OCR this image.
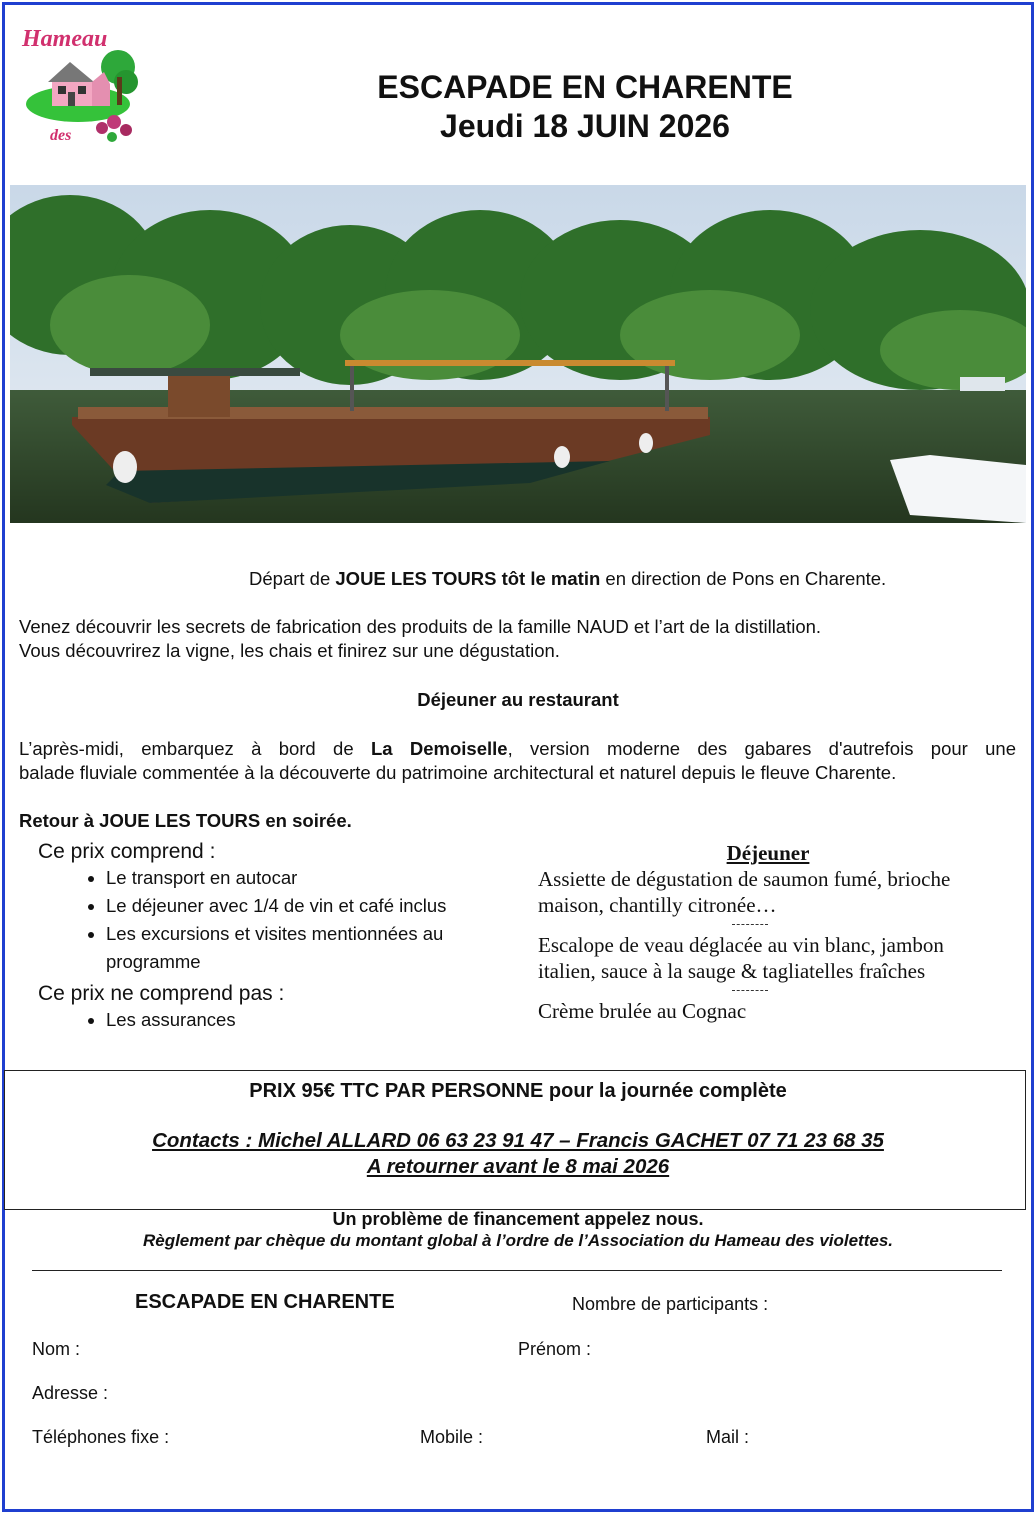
Hameau
des
ESCAPADE EN CHARENTE
Jeudi 18 JUIN 2026
Départ de JOUE LES TOURS tôt le matin en direction de Pons en Charente.
Venez découvrir les secrets de fabrication des produits de la famille NAUD et l’art de la distillation.
Vous découvrirez la vigne, les chais et finirez sur une dégustation.
Déjeuner au restaurant
L’après-midi, embarquez à bord de La Demoiselle, version moderne des gabares d'autrefois pour une
balade fluviale commentée à la découverte du patrimoine architectural et naturel depuis le fleuve Charente.
Retour à JOUE LES TOURS en soirée.
Ce prix comprend :
• Le transport en autocar
• Le déjeuner avec 1/4 de vin et café inclus
• Les excursions et visites mentionnées au
programme
Ce prix ne comprend pas :
• Les assurances
Déjeuner
Assiette de dégustation de saumon fumé, brioche
maison, chantilly citronée…
Escalope de veau déglacée au vin blanc, jambon
italien, sauce à la sauge & tagliatelles fraîches
Crème brulée au Cognac
PRIX 95€ TTC PAR PERSONNE pour la journée complète
Contacts : Michel ALLARD 06 63 23 91 47 – Francis GACHET 07 71 23 68 35
A retourner avant le 8 mai 2026
Un problème de financement appelez nous.
Règlement par chèque du montant global à l’ordre de l’Association du Hameau des violettes.
ESCAPADE EN CHARENTE	Nombre de participants :
Nom :	Prénom :
Adresse :
Téléphones fixe :	Mobile :	Mail :
